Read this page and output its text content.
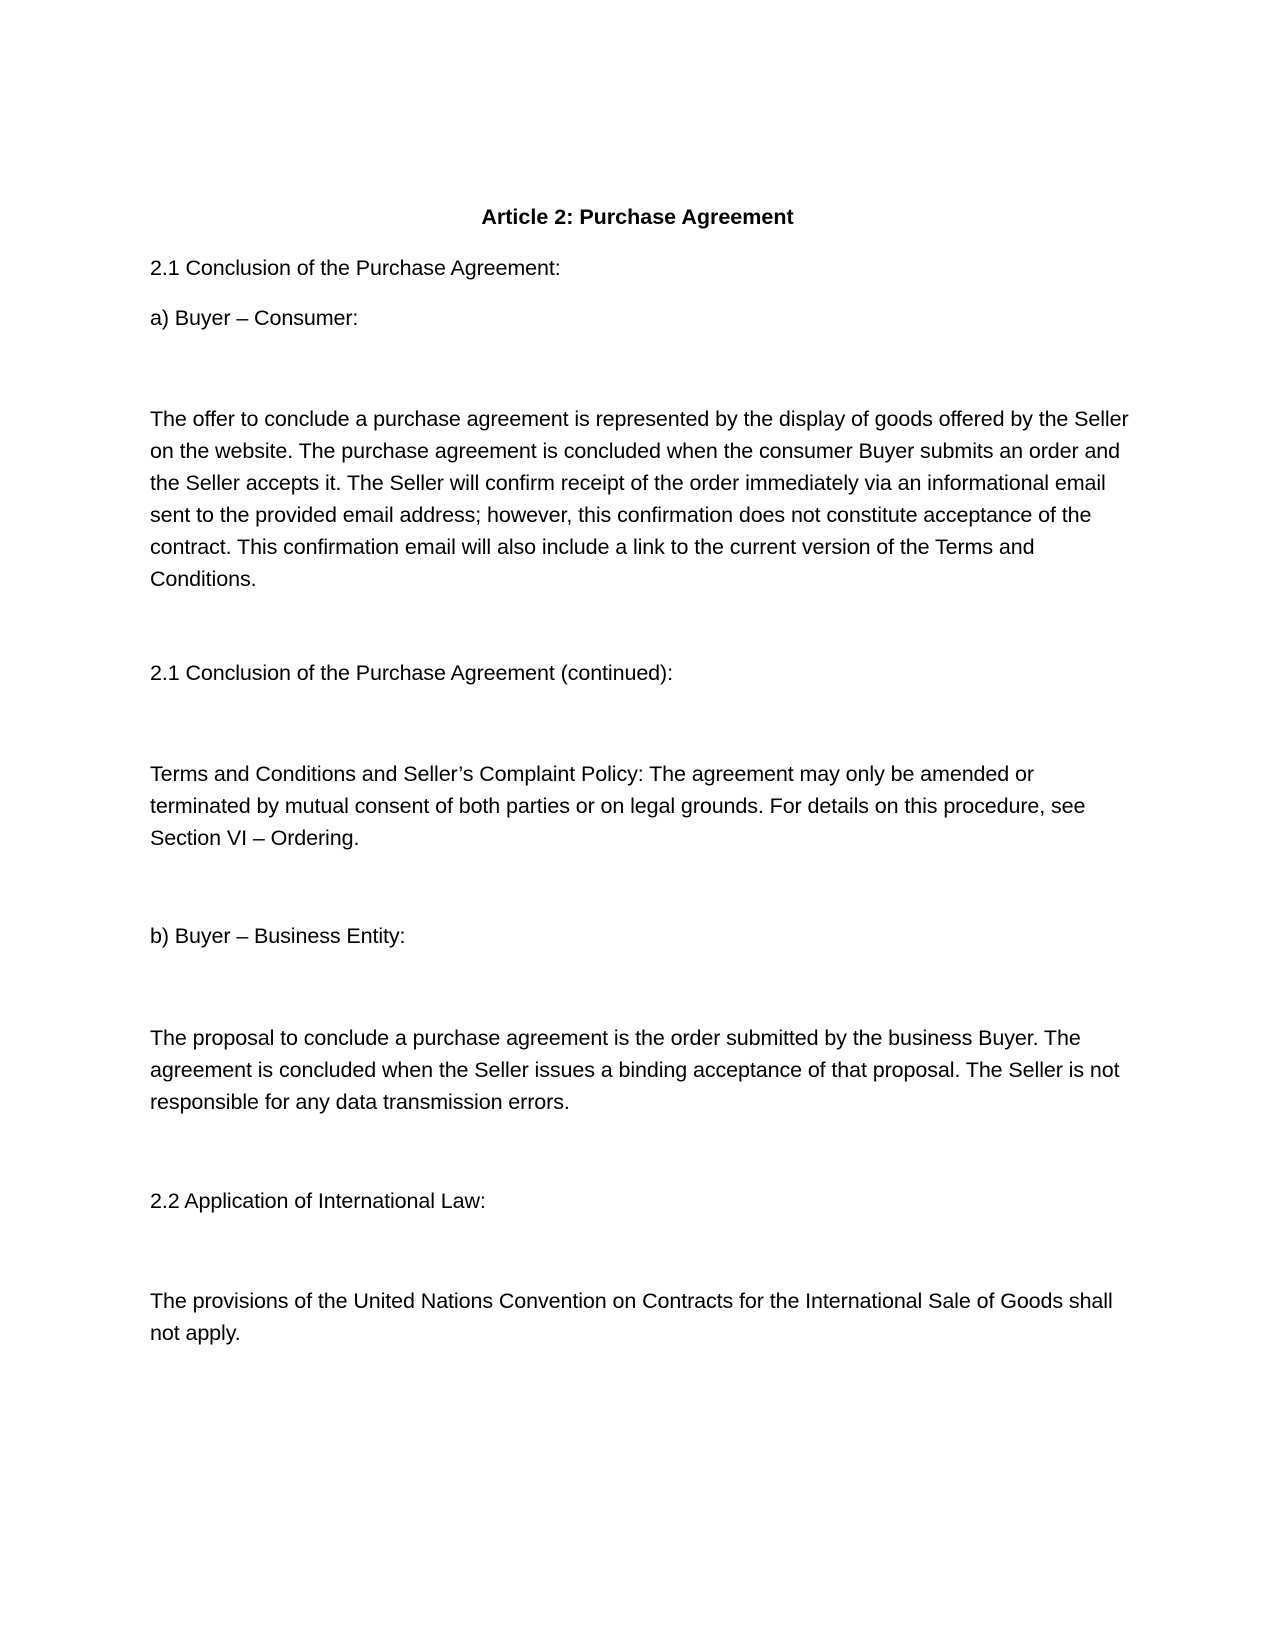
Article 2: Purchase Agreement

2.1 Conclusion of the Purchase Agreement:

a) Buyer – Consumer:

The offer to conclude a purchase agreement is represented by the display of goods offered by the Seller on the website. The purchase agreement is concluded when the consumer Buyer submits an order and the Seller accepts it. The Seller will confirm receipt of the order immediately via an informational email sent to the provided email address; however, this confirmation does not constitute acceptance of the contract. This confirmation email will also include a link to the current version of the Terms and Conditions.

2.1 Conclusion of the Purchase Agreement (continued):

Terms and Conditions and Seller’s Complaint Policy: The agreement may only be amended or terminated by mutual consent of both parties or on legal grounds. For details on this procedure, see Section VI – Ordering.

b) Buyer – Business Entity:

The proposal to conclude a purchase agreement is the order submitted by the business Buyer. The agreement is concluded when the Seller issues a binding acceptance of that proposal. The Seller is not responsible for any data transmission errors.

2.2 Application of International Law:

The provisions of the United Nations Convention on Contracts for the International Sale of Goods shall not apply.
